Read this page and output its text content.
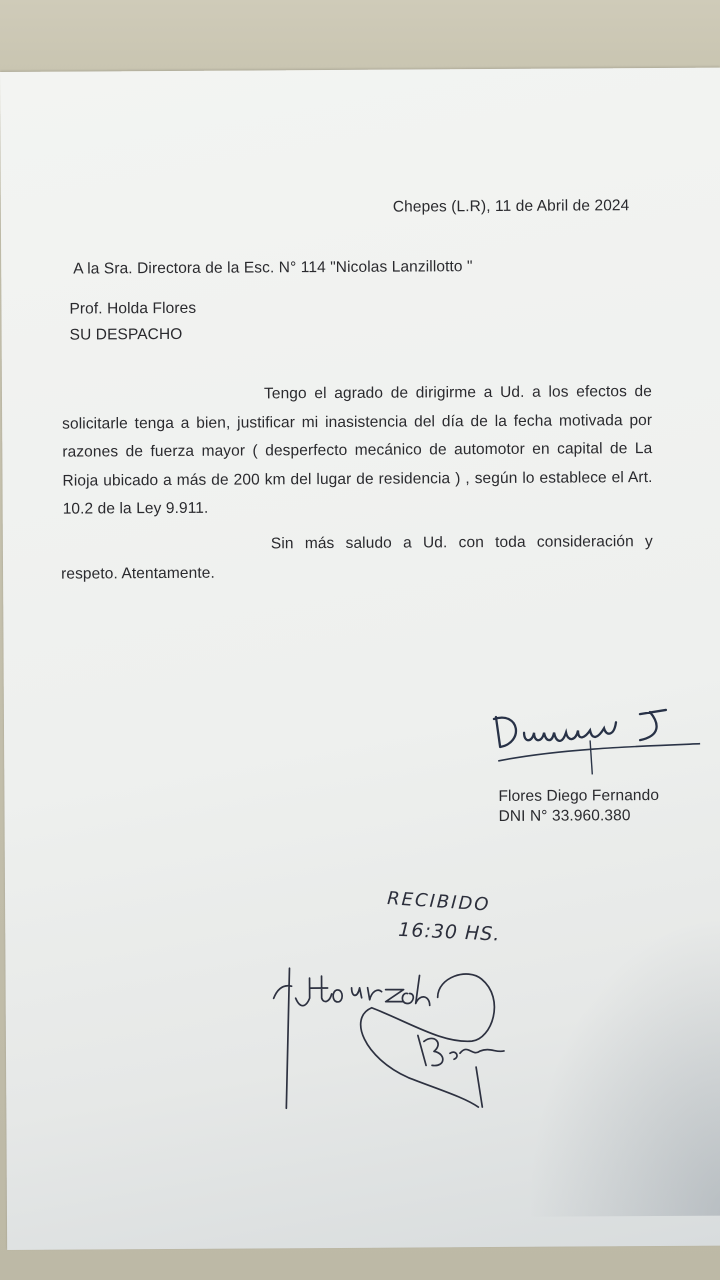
Chepes (L.R), 11 de Abril de 2024
A la Sra. Directora de la Esc. N° 114 "Nicolas Lanzillotto "
Prof. Holda Flores
SU DESPACHO
Tengo el agrado de dirigirme a Ud. a los efectos de solicitarle tenga a bien, justificar mi inasistencia del día de la fecha motivada por razones de fuerza mayor ( desperfecto mecánico de automotor en capital de La Rioja ubicado a más de 200 km del lugar de residencia ) , según lo establece el Art. 10.2 de la Ley 9.911.
Sin más saludo a Ud. con toda consideración y respeto. Atentamente.
Flores Diego Fernando
DNI N° 33.960.380
RECIBIDO
16:30 HS.
